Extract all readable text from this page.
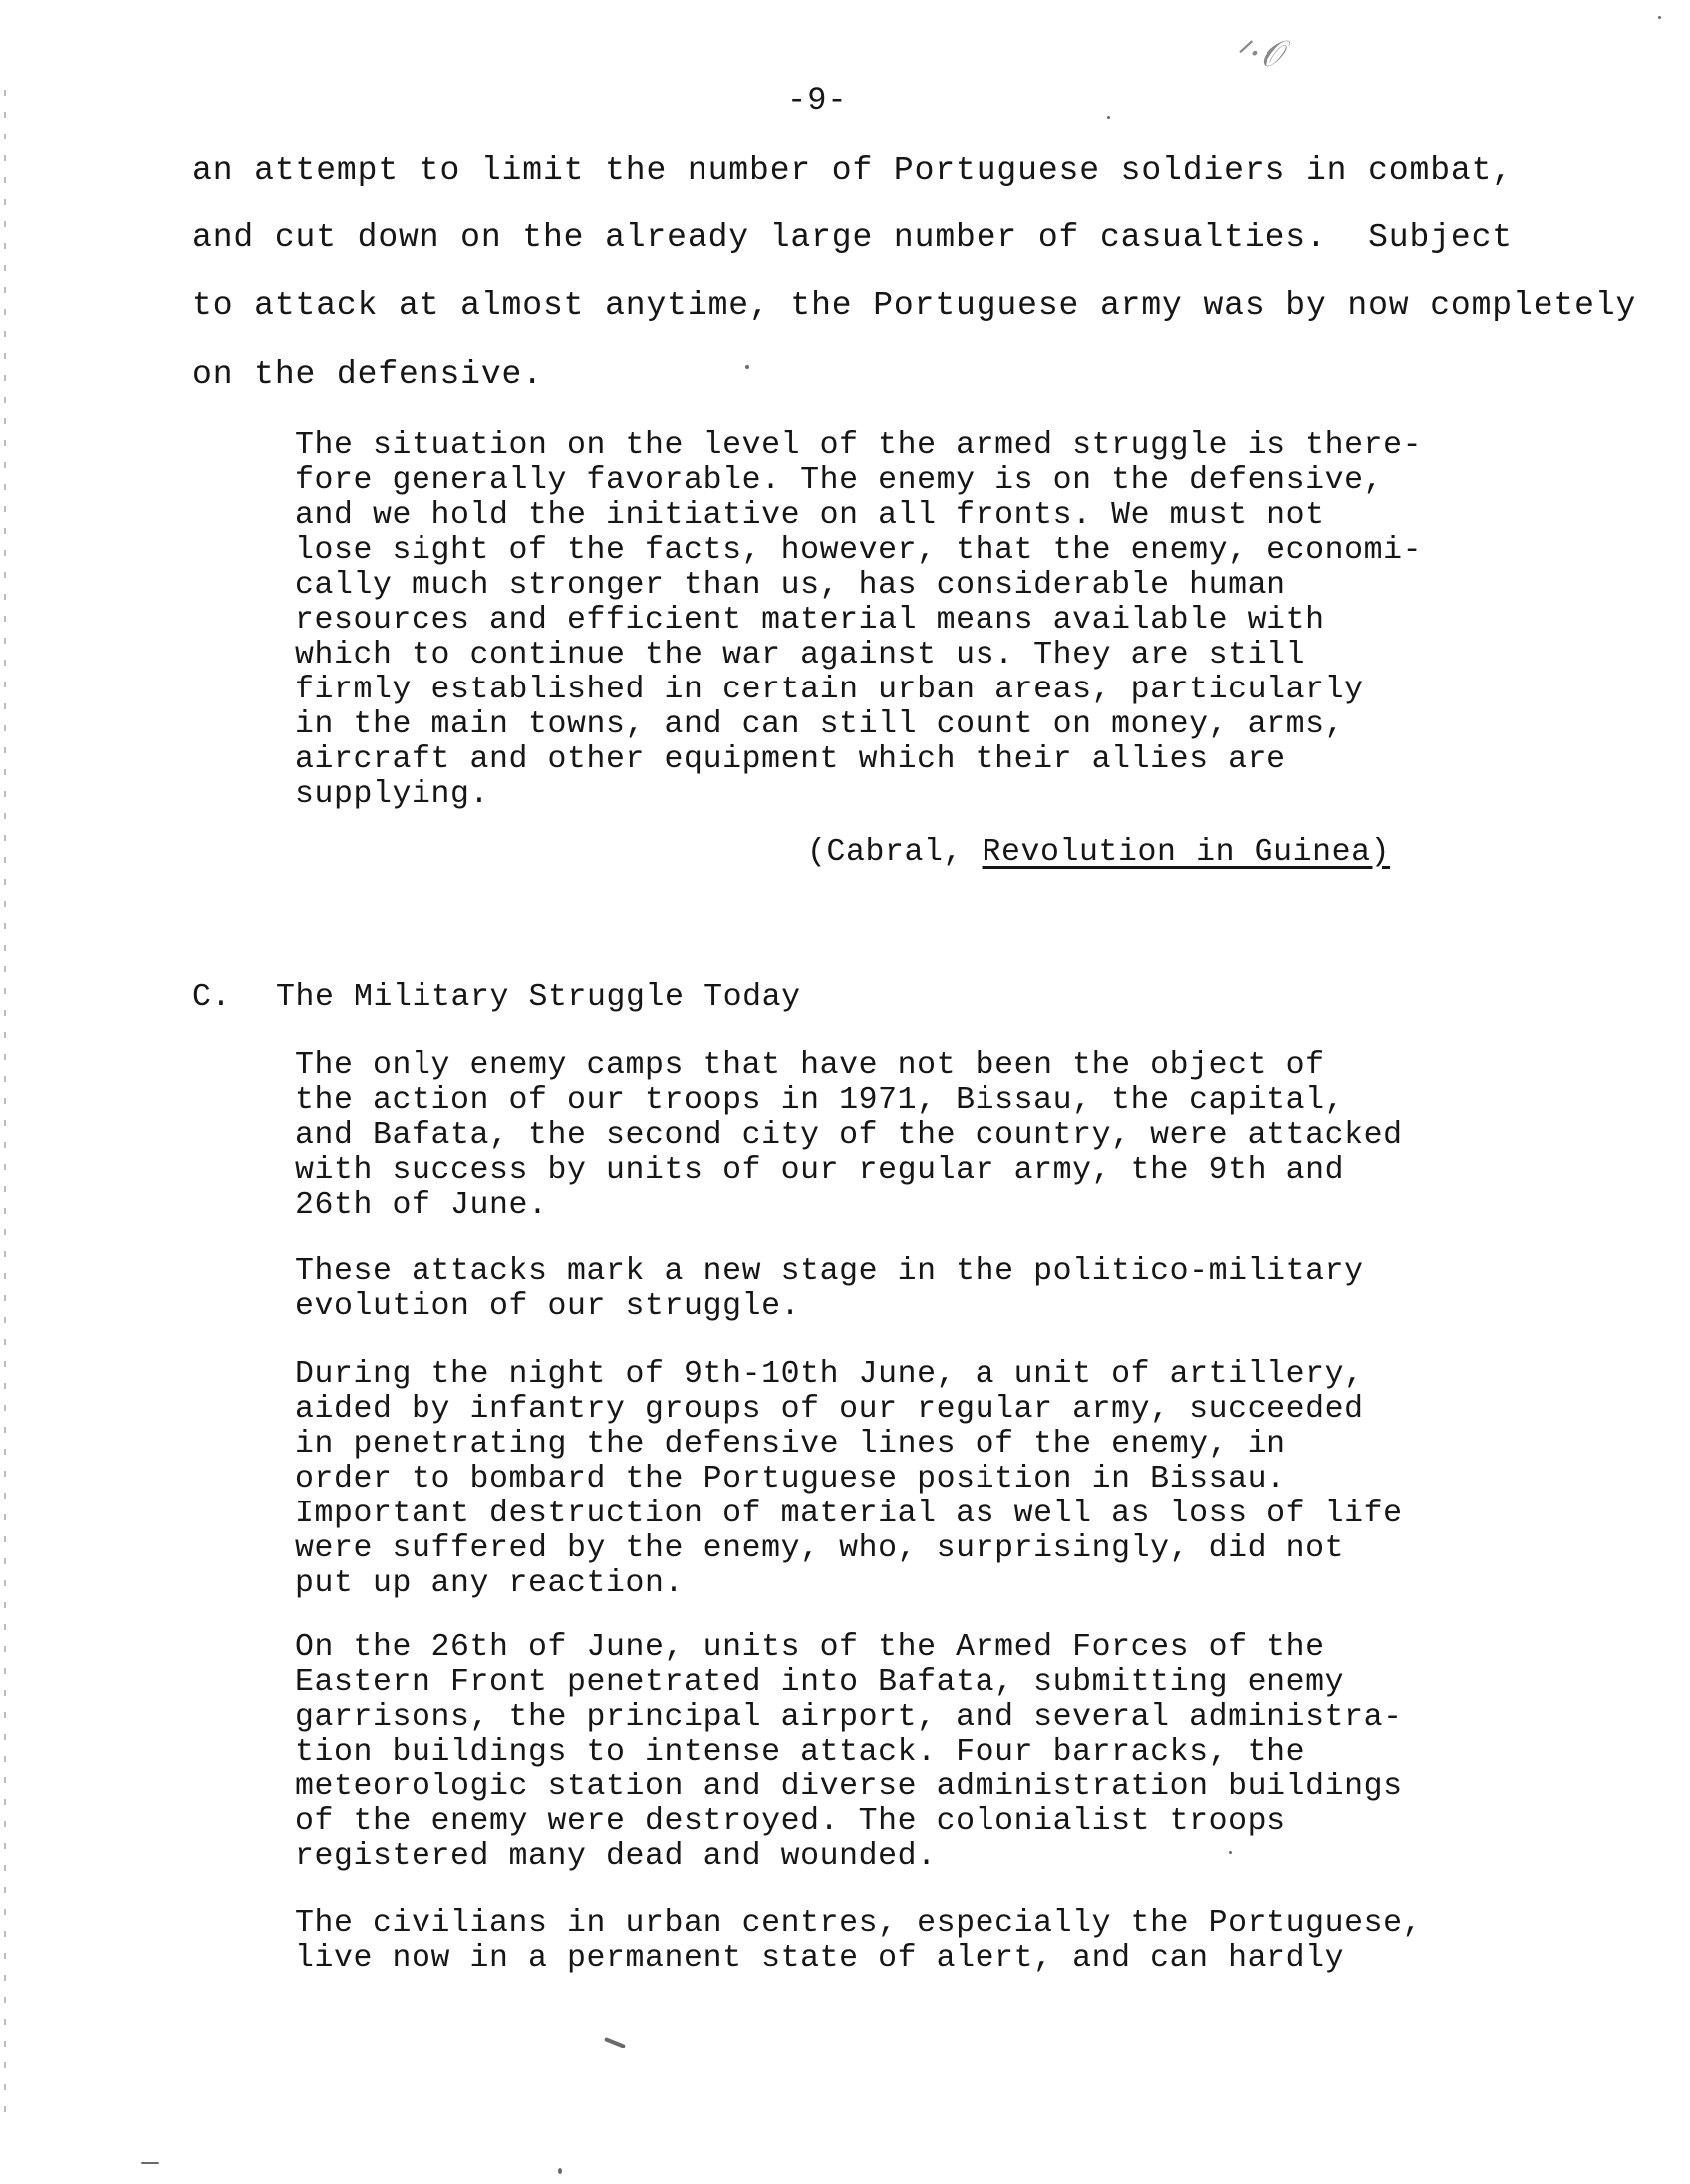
-9-
ᐟ·𝒪
an attempt to limit the number of Portuguese soldiers in combat,
and cut down on the already large number of casualties.  Subject
to attack at almost anytime, the Portuguese army was by now completely
on the defensive.
The situation on the level of the armed struggle is there-
fore generally favorable. The enemy is on the defensive,
and we hold the initiative on all fronts. We must not
lose sight of the facts, however, that the enemy, economi-
cally much stronger than us, has considerable human
resources and efficient material means available with
which to continue the war against us. They are still
firmly established in certain urban areas, particularly
in the main towns, and can still count on money, arms,
aircraft and other equipment which their allies are
supplying.
(Cabral, Revolution in Guinea)
C. The Military Struggle Today
The only enemy camps that have not been the object of
the action of our troops in 1971, Bissau, the capital,
and Bafata, the second city of the country, were attacked
with success by units of our regular army, the 9th and
26th of June.
These attacks mark a new stage in the politico-military
evolution of our struggle.
During the night of 9th-10th June, a unit of artillery,
aided by infantry groups of our regular army, succeeded
in penetrating the defensive lines of the enemy, in
order to bombard the Portuguese position in Bissau.
Important destruction of material as well as loss of life
were suffered by the enemy, who, surprisingly, did not
put up any reaction.
On the 26th of June, units of the Armed Forces of the
Eastern Front penetrated into Bafata, submitting enemy
garrisons, the principal airport, and several administra-
tion buildings to intense attack. Four barracks, the
meteorologic station and diverse administration buildings
of the enemy were destroyed. The colonialist troops
registered many dead and wounded.
The civilians in urban centres, especially the Portuguese,
live now in a permanent state of alert, and can hardly
